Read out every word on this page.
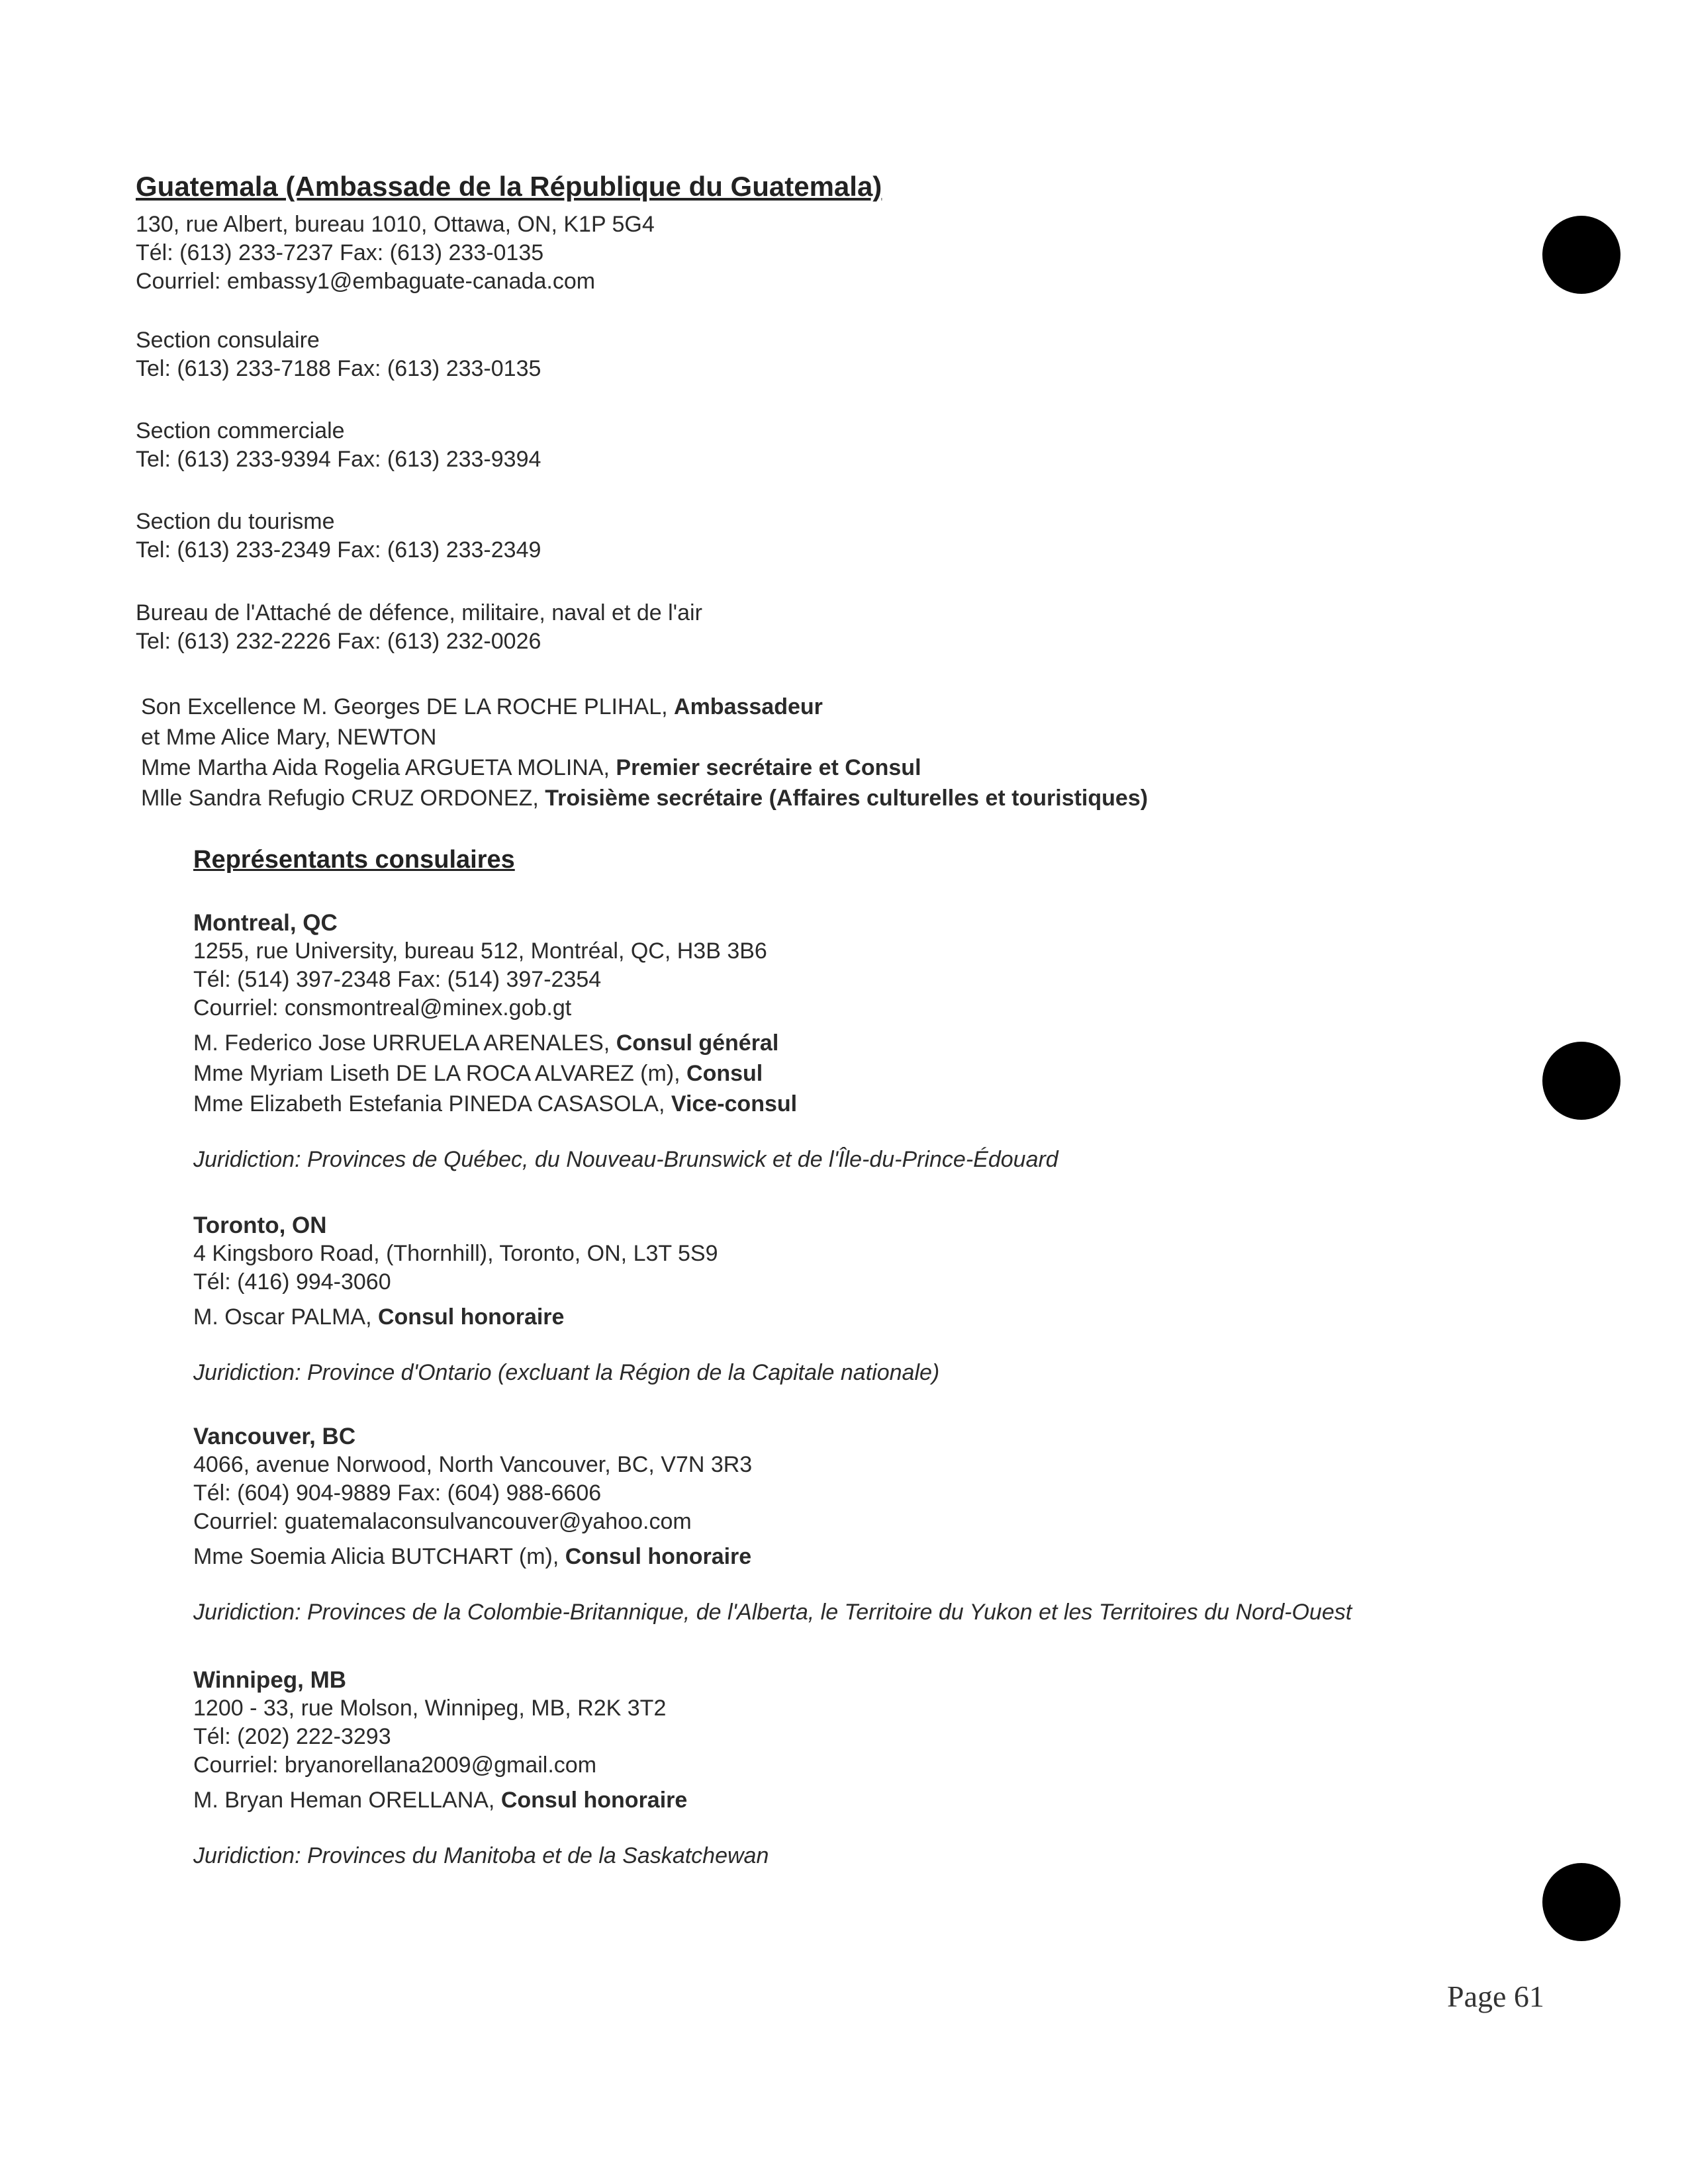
Guatemala (Ambassade de la République du Guatemala)
130, rue Albert, bureau 1010, Ottawa, ON, K1P 5G4
Tél: (613) 233-7237 Fax: (613) 233-0135
Courriel: embassy1@embaguate-canada.com
Section consulaire
Tel: (613) 233-7188 Fax: (613) 233-0135
Section commerciale
Tel: (613) 233-9394 Fax: (613) 233-9394
Section du tourisme
Tel: (613) 233-2349 Fax: (613) 233-2349
Bureau de l'Attaché de défence, militaire, naval et de l'air
Tel: (613) 232-2226 Fax: (613) 232-0026
Son Excellence M. Georges DE LA ROCHE PLIHAL, Ambassadeur
et Mme Alice Mary, NEWTON
Mme Martha Aida Rogelia ARGUETA MOLINA, Premier secrétaire et Consul
Mlle Sandra Refugio CRUZ ORDONEZ, Troisième secrétaire (Affaires culturelles et touristiques)
Représentants consulaires
Montreal, QC
1255, rue University, bureau 512, Montréal, QC, H3B 3B6
Tél: (514) 397-2348 Fax: (514) 397-2354
Courriel: consmontreal@minex.gob.gt
M. Federico Jose URRUELA ARENALES, Consul général
Mme Myriam Liseth DE LA ROCA ALVAREZ (m), Consul
Mme Elizabeth Estefania PINEDA CASASOLA, Vice-consul
Juridiction: Provinces de Québec, du Nouveau-Brunswick et de l'Île-du-Prince-Édouard
Toronto, ON
4 Kingsboro Road, (Thornhill), Toronto, ON, L3T 5S9
Tél: (416) 994-3060
M. Oscar PALMA, Consul honoraire
Juridiction: Province d'Ontario (excluant la Région de la Capitale nationale)
Vancouver, BC
4066, avenue Norwood, North Vancouver, BC, V7N 3R3
Tél: (604) 904-9889 Fax: (604) 988-6606
Courriel: guatemalaconsulvancouver@yahoo.com
Mme Soemia Alicia BUTCHART (m), Consul honoraire
Juridiction: Provinces de la Colombie-Britannique, de l'Alberta, le Territoire du Yukon et les Territoires du Nord-Ouest
Winnipeg, MB
1200 - 33, rue Molson, Winnipeg, MB, R2K 3T2
Tél: (202) 222-3293
Courriel: bryanorellana2009@gmail.com
M. Bryan Heman ORELLANA, Consul honoraire
Juridiction: Provinces du Manitoba et de la Saskatchewan
Page 61
